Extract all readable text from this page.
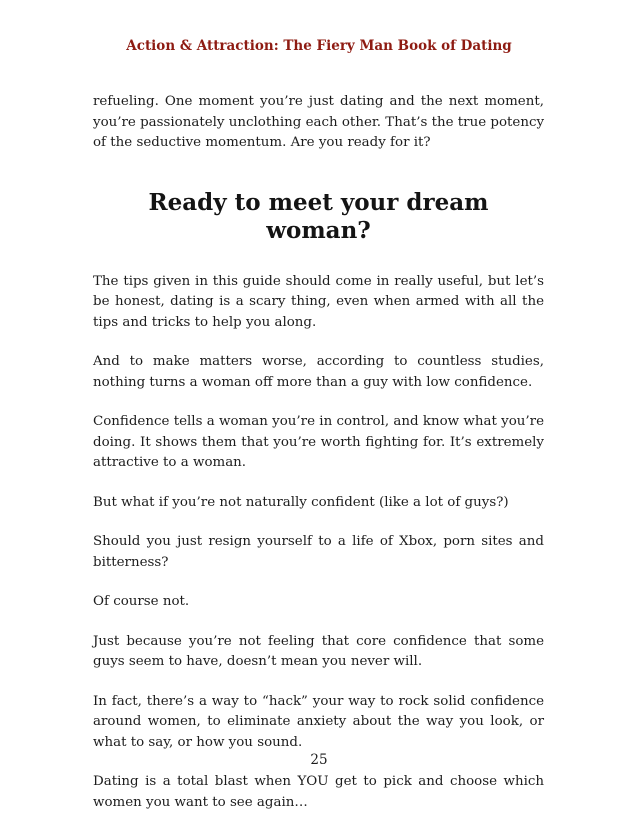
Action & Attraction: The Fiery Man Book of Dating

refueling. One moment you’re just dating and the next moment, you’re passionately unclothing each other. That’s the true potency of the seductive momentum. Are you ready for it?

Ready to meet your dream woman?

The tips given in this guide should come in really useful, but let’s be honest, dating is a scary thing, even when armed with all the tips and tricks to help you along.

And to make matters worse, according to countless studies, nothing turns a woman off more than a guy with low confidence.

Confidence tells a woman you’re in control, and know what you’re doing. It shows them that you’re worth fighting for. It’s extremely attractive to a woman.

But what if you’re not naturally confident (like a lot of guys?)

Should you just resign yourself to a life of Xbox, porn sites and bitterness?

Of course not.

Just because you’re not feeling that core confidence that some guys seem to have, doesn’t mean you never will.

In fact, there’s a way to “hack” your way to rock solid confidence around women, to eliminate anxiety about the way you look, or what to say, or how you sound.

Dating is a total blast when YOU get to pick and choose which women you want to see again…

25
